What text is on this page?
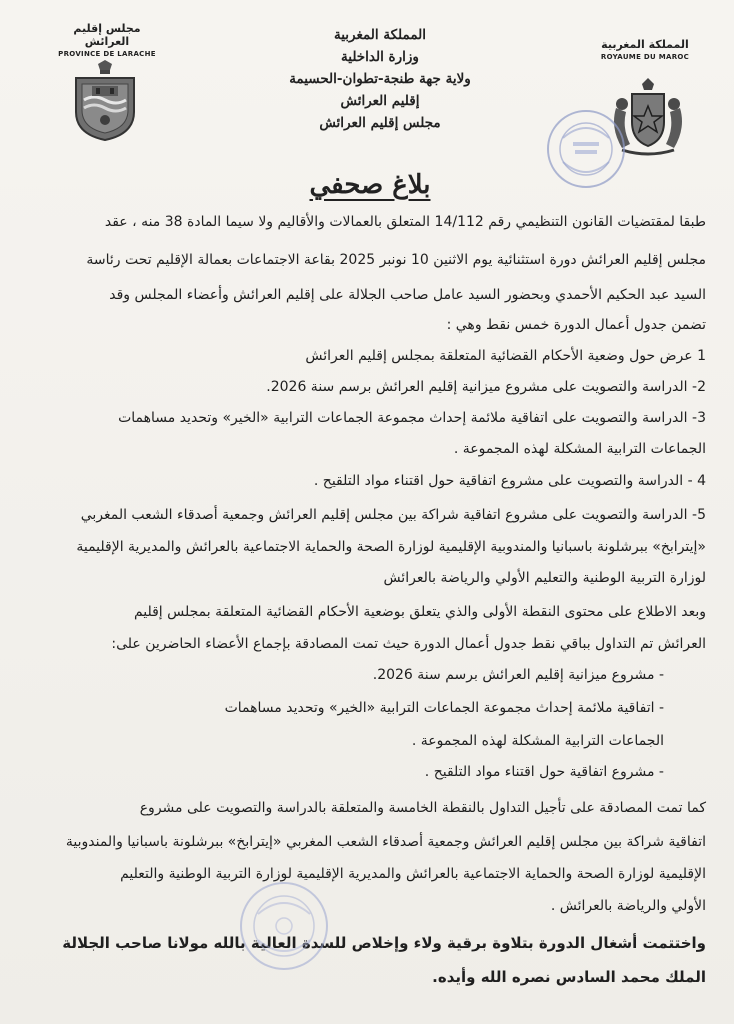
مجلس إقليم العرائش
PROVINCE DE LARACHE
المملكة المغربية
وزارة الداخلية
ولاية جهة طنجة-تطوان-الحسيمة
إقليم العرائش
مجلس إقليم العرائش
المملكة المغربية
ROYAUME DU MAROC
بلاغ صحفي
طبقا لمقتضيات القانون التنظيمي رقم 14/112 المتعلق بالعمالات والأقاليم ولا سيما المادة 38 منه ، عقد
مجلس إقليم العرائش دورة استثنائية يوم الاثنين 10 نونبر 2025 بقاعة الاجتماعات بعمالة الإقليم تحت رئاسة
السيد عبد الحكيم الأحمدي وبحضور السيد عامل صاحب الجلالة على إقليم العرائش وأعضاء المجلس وقد
تضمن جدول أعمال الدورة خمس نقط وهي :
1 عرض حول وضعية الأحكام القضائية المتعلقة بمجلس إقليم العرائش
2- الدراسة والتصويت على مشروع ميزانية إقليم العرائش برسم سنة 2026.
3- الدراسة والتصويت على اتفاقية ملائمة إحداث مجموعة الجماعات الترابية «الخير» وتحديد مساهمات
الجماعات الترابية المشكلة لهذه المجموعة .
4 - الدراسة والتصويت على مشروع اتفاقية حول اقتناء مواد التلقيح .
5- الدراسة والتصويت على مشروع اتفاقية شراكة بين مجلس إقليم العرائش وجمعية أصدقاء الشعب المغربي
«إيترابخ» ببرشلونة باسبانيا والمندوبية الإقليمية لوزارة الصحة والحماية الاجتماعية بالعرائش والمديرية الإقليمية
لوزارة التربية الوطنية والتعليم الأولي والرياضة بالعرائش
وبعد الاطلاع على محتوى النقطة الأولى والذي يتعلق بوضعية الأحكام القضائية المتعلقة بمجلس إقليم
العرائش تم التداول بباقي نقط جدول أعمال الدورة حيث تمت المصادقة بإجماع الأعضاء الحاضرين على:
- مشروع ميزانية إقليم العرائش برسم سنة 2026.
- اتفاقية ملائمة إحداث مجموعة الجماعات الترابية «الخير» وتحديد مساهمات
الجماعات الترابية المشكلة لهذه المجموعة .
- مشروع اتفاقية حول اقتناء مواد التلقيح .
كما تمت المصادقة على تأجيل التداول بالنقطة الخامسة والمتعلقة بالدراسة والتصويت على مشروع
اتفاقية شراكة بين مجلس إقليم العرائش وجمعية أصدقاء الشعب المغربي «إيترابخ» ببرشلونة باسبانيا والمندوبية
الإقليمية لوزارة الصحة والحماية الاجتماعية بالعرائش والمديرية الإقليمية لوزارة التربية الوطنية والتعليم
الأولي والرياضة بالعرائش .
واختتمت أشغال الدورة بتلاوة برقية ولاء وإخلاص للسدة العالية بالله مولانا صاحب الجلالة
الملك محمد السادس نصره الله وأيده.
